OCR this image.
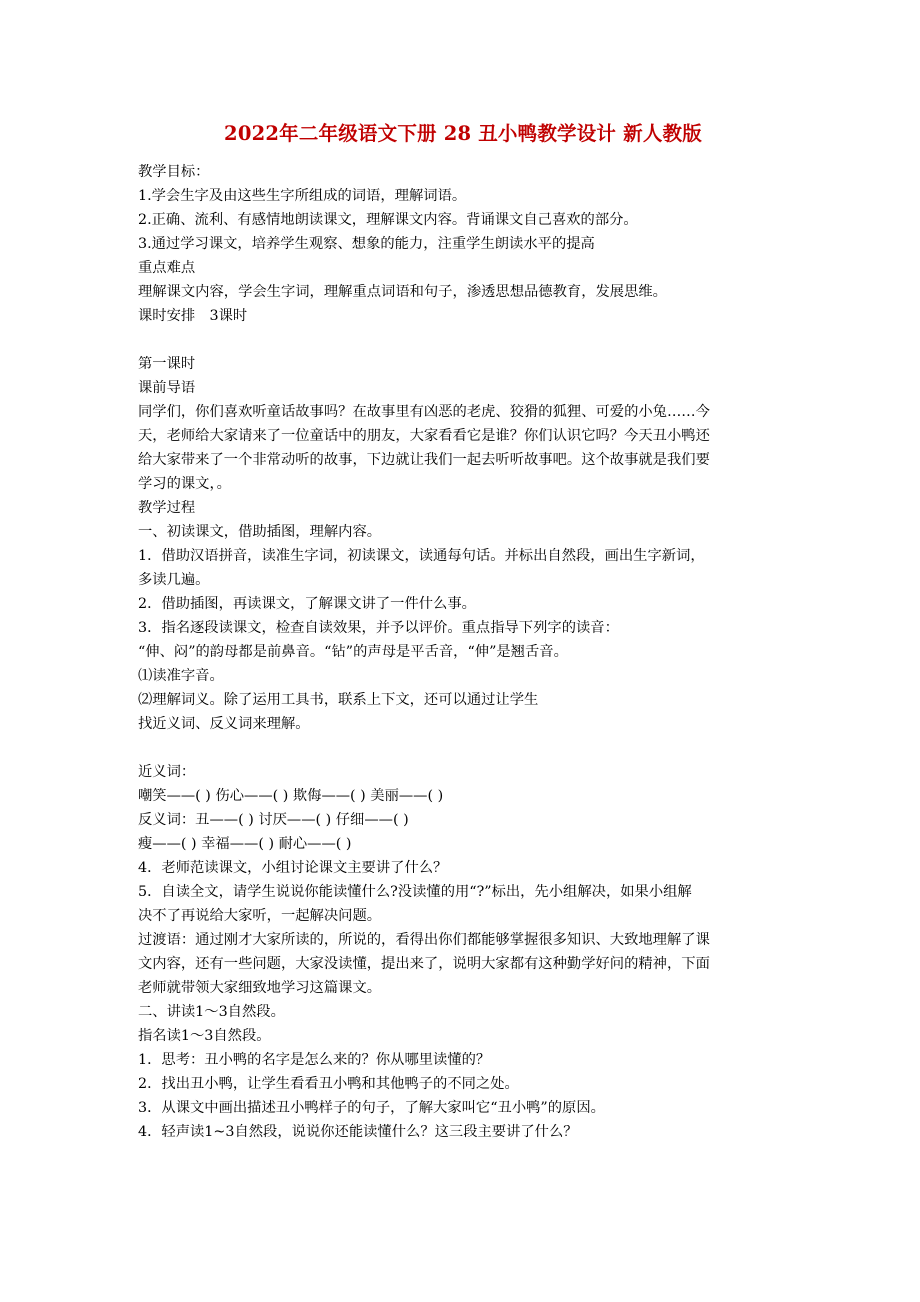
2022年二年级语文下册 28 丑小鸭教学设计 新人教版
教学目标：
1.学会生字及由这些生字所组成的词语，理解词语。
2.正确、流利、有感情地朗读课文，理解课文内容。背诵课文自己喜欢的部分。
3.通过学习课文，培养学生观察、想象的能力，注重学生朗读水平的提高
重点难点
理解课文内容，学会生字词，理解重点词语和句子，渗透思想品德教育，发展思维。
课时安排　3课时
第一课时
课前导语
同学们，你们喜欢听童话故事吗？在故事里有凶恶的老虎、狡猾的狐狸、可爱的小兔……今
天，老师给大家请来了一位童话中的朋友，大家看看它是谁？你们认识它吗？今天丑小鸭还
给大家带来了一个非常动听的故事，下边就让我们一起去听听故事吧。这个故事就是我们要
学习的课文，。
教学过程
一、初读课文，借助插图，理解内容。
1．借助汉语拼音，读准生字词，初读课文，读通每句话。并标出自然段，画出生字新词，
多读几遍。
2．借助插图，再读课文，了解课文讲了一件什么事。
3．指名逐段读课文，检查自读效果，并予以评价。重点指导下列字的读音：
“伸、闷”的韵母都是前鼻音。“钻”的声母是平舌音，“伸”是翘舌音。
⑴读准字音。
⑵理解词义。除了运用工具书，联系上下文，还可以通过让学生
找近义词、反义词来理解。
近义词：
嘲笑——( ) 伤心——( ) 欺侮——( ) 美丽——( )
反义词：丑——( ) 讨厌——( ) 仔细——( )
瘦——( ) 幸福——( ) 耐心——( )
4．老师范读课文，小组讨论课文主要讲了什么？
5．自读全文，请学生说说你能读懂什么?没读懂的用“?”标出，先小组解决，如果小组解
决不了再说给大家听，一起解决问题。
过渡语：通过刚才大家所读的，所说的，看得出你们都能够掌握很多知识、大致地理解了课
文内容，还有一些问题，大家没读懂，提出来了，说明大家都有这种勤学好问的精神，下面
老师就带领大家细致地学习这篇课文。
二、讲读1～3自然段。
指名读1～3自然段。
1．思考：丑小鸭的名字是怎么来的？你从哪里读懂的？
2．找出丑小鸭，让学生看看丑小鸭和其他鸭子的不同之处。
3．从课文中画出描述丑小鸭样子的句子，了解大家叫它“丑小鸭”的原因。
4．轻声读1~3自然段，说说你还能读懂什么？这三段主要讲了什么？
